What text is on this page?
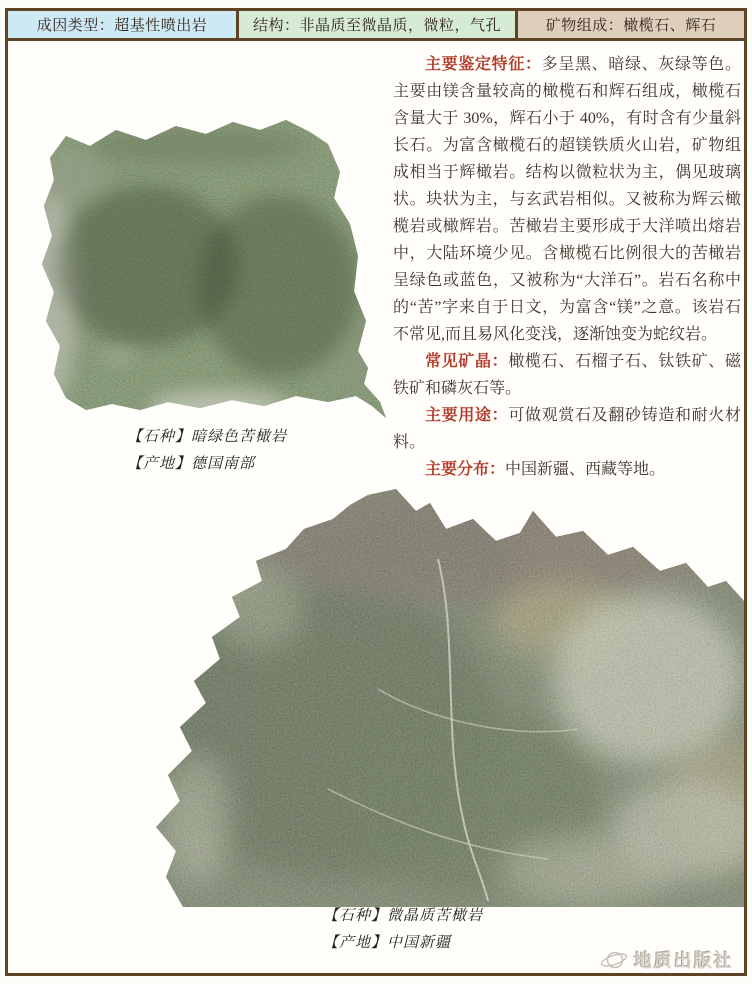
成因类型：超基性喷出岩	结构：非晶质至微晶质，微粒，气孔	矿物组成：橄榄石、辉石

主要鉴定特征：多呈黑、暗绿、灰绿等色。主要由镁含量较高的橄榄石和辉石组成，橄榄石含量大于 30%，辉石小于 40%，有时含有少量斜长石。为富含橄榄石的超镁铁质火山岩，矿物组成相当于辉橄岩。结构以微粒状为主，偶见玻璃状。块状为主，与玄武岩相似。又被称为辉云橄榄岩或橄辉岩。苦橄岩主要形成于大洋喷出熔岩中，大陆环境少见。含橄榄石比例很大的苦橄岩呈绿色或蓝色，又被称为“大洋石”。岩石名称中的“苦”字来自于日文，为富含“镁”之意。该岩石不常见,而且易风化变浅，逐渐蚀变为蛇纹岩。

常见矿晶：橄榄石、石榴子石、钛铁矿、磁铁矿和磷灰石等。

主要用途：可做观赏石及翻砂铸造和耐火材料。

主要分布：中国新疆、西藏等地。

【石种】暗绿色苦橄岩
【产地】德国南部
【石种】微晶质苦橄岩
【产地】中国新疆
地质出版社
